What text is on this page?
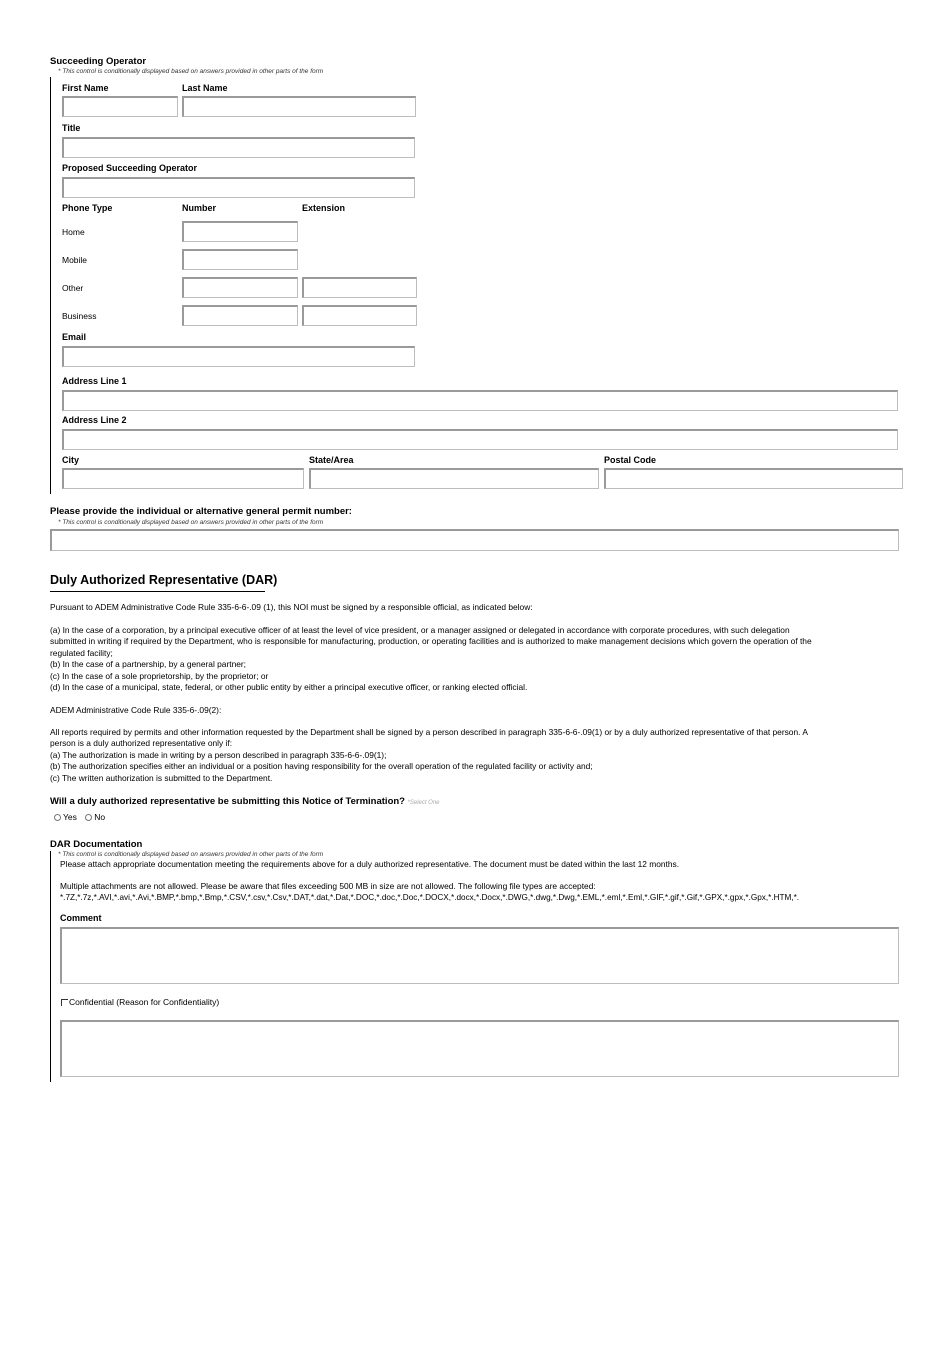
Succeeding Operator
* This control is conditionally displayed based on answers provided in other parts of the form
First Name	Last Name
Title
Proposed Succeeding Operator
Phone Type	Number	Extension
Home
Mobile
Other
Business
Email
Address Line 1
Address Line 2
City	State/Area	Postal Code
Please provide the individual or alternative general permit number:
* This control is conditionally displayed based on answers provided in other parts of the form
Duly Authorized Representative (DAR)
Pursuant to ADEM Administrative Code Rule 335-6-6-.09 (1), this NOI must be signed by a responsible official, as indicated below:
(a) In the case of a corporation, by a principal executive officer of at least the level of vice president, or a manager assigned or delegated in accordance with corporate procedures, with such delegation
submitted in writing if required by the Department, who is responsible for manufacturing, production, or operating facilities and is authorized to make management decisions which govern the operation of the
regulated facility;
(b) In the case of a partnership, by a general partner;
(c) In the case of a sole proprietorship, by the proprietor; or
(d) In the case of a municipal, state, federal, or other public entity by either a principal executive officer, or ranking elected official.
ADEM Administrative Code Rule 335-6-.09(2):
All reports required by permits and other information requested by the Department shall be signed by a person described in paragraph 335-6-6-.09(1) or by a duly authorized representative of that person. A
person is a duly authorized representative only if:
(a) The authorization is made in writing by a person described in paragraph 335-6-6-.09(1);
(b) The authorization specifies either an individual or a position having responsibility for the overall operation of the regulated facility or activity and;
(c) The written authorization is submitted to the Department.
Will a duly authorized representative be submitting this Notice of Termination? *Select One
Yes No
DAR Documentation
* This control is conditionally displayed based on answers provided in other parts of the form
Please attach appropriate documentation meeting the requirements above for a duly authorized representative. The document must be dated within the last 12 months.
Multiple attachments are not allowed. Please be aware that files exceeding 500 MB in size are not allowed. The following file types are accepted:
*.7Z,*.7z,*.AVI,*.avi,*.Avi,*.BMP,*.bmp,*.Bmp,*.CSV,*.csv,*.Csv,*.DAT,*.dat,*.Dat,*.DOC,*.doc,*.Doc,*.DOCX,*.docx,*.Docx,*.DWG,*.dwg,*.Dwg,*.EML,*.eml,*.Eml,*.GIF,*.gif,*.Gif,*.GPX,*.gpx,*.Gpx,*.HTM,*.
Comment
Confidential (Reason for Confidentiality)
